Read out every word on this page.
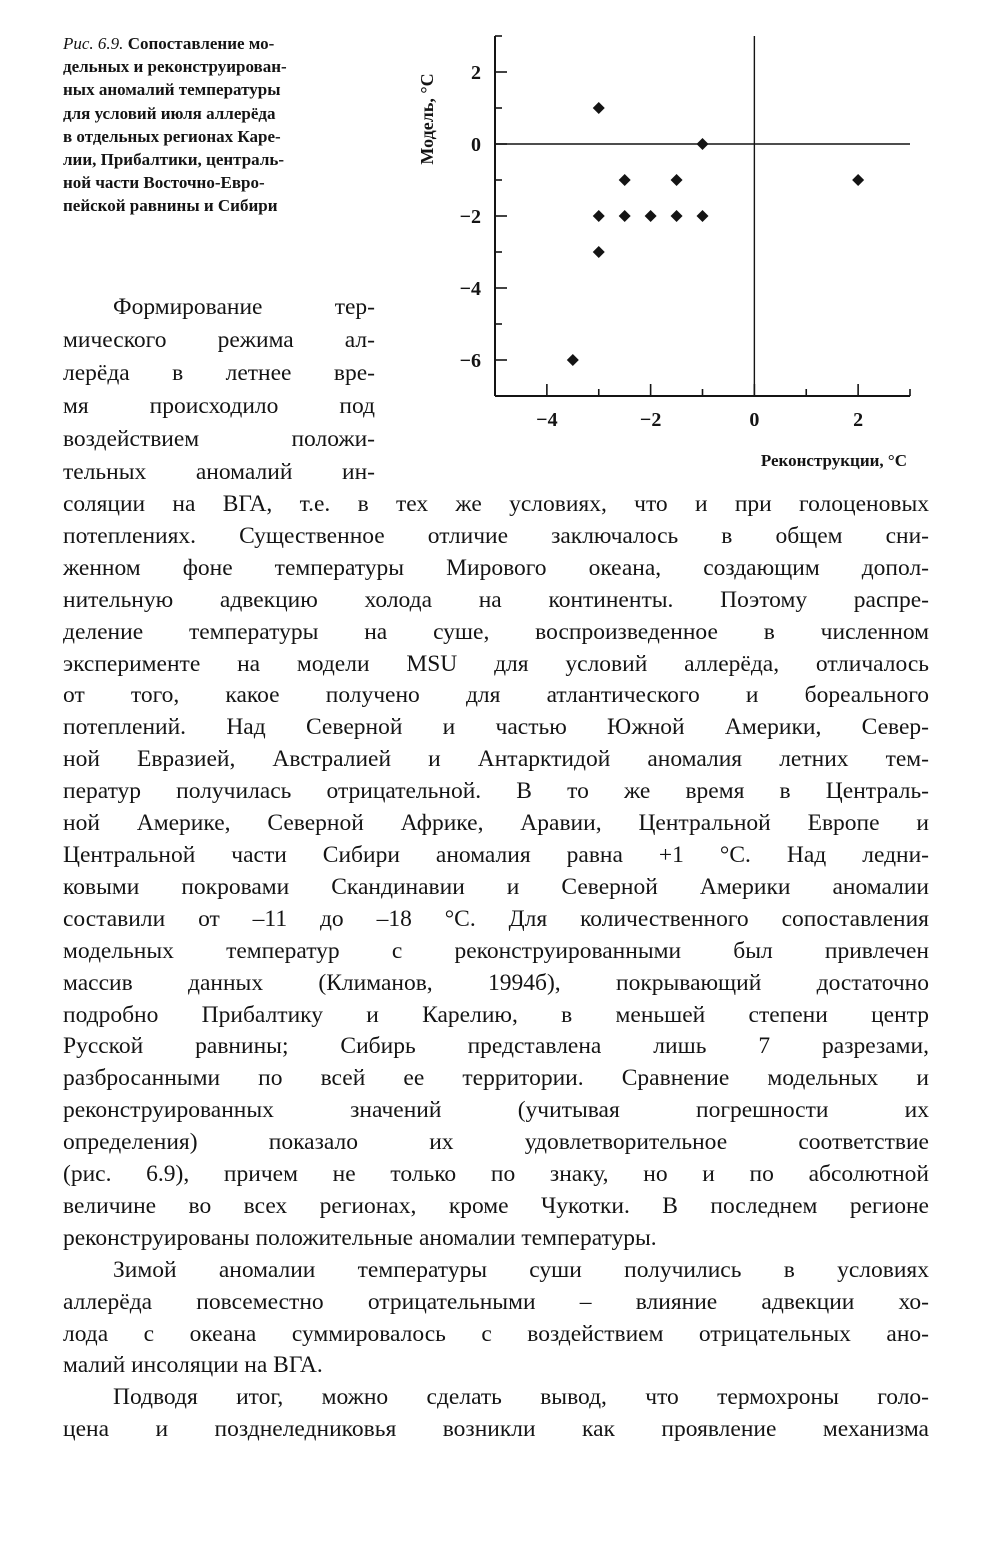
Рис. 6.9. Сопоставление мо-
дельных и реконструирован-
ных аномалий температуры
для условий июля аллерёда
в отдельных регионах Каре-
лии, Прибалтики, централь-
ной части Восточно-Евро-
пейской равнины и Сибири
Формирование тер-
мического режима ал-
лерёда в летнее вре-
мя происходило под
воздействием положи-
тельных аномалий ин-
2
0
−2
−4
−6
−4	−2	0	2
Реконструкции, °С
Модель, °С
соляции на ВГА, т.е. в тех же условиях, что и при голоценовых
потеплениях. Существенное отличие заключалось в общем сни-
женном фоне температуры Мирового океана, создающим допол-
нительную адвекцию холода на континенты. Поэтому распре-
деление температуры на суше, воспроизведенное в численном
эксперименте на модели MSU для условий аллерёда, отличалось
от того, какое получено для атлантического и бореального
потеплений. Над Северной и частью Южной Америки, Север-
ной Евразией, Австралией и Антарктидой аномалия летних тем-
ператур получилась отрицательной. В то же время в Централь-
ной Америке, Северной Африке, Аравии, Центральной Европе и
Центральной части Сибири аномалия равна +1 °С. Над ледни-
ковыми покровами Скандинавии и Северной Америки аномалии
составили от –11 до –18 °С. Для количественного сопоставления
модельных температур с реконструированными был привлечен
массив данных (Климанов, 1994б), покрывающий достаточно
подробно Прибалтику и Карелию, в меньшей степени центр
Русской равнины; Сибирь представлена лишь 7 разрезами,
разбросанными по всей ее территории. Сравнение модельных и
реконструированных значений (учитывая погрешности их
определения) показало их удовлетворительное соответствие
(рис. 6.9), причем не только по знаку, но и по абсолютной
величине во всех регионах, кроме Чукотки. В последнем регионе
реконструированы положительные аномалии температуры.
Зимой аномалии температуры суши получились в условиях
аллерёда повсеместно отрицательными – влияние адвекции хо-
лода с океана суммировалось с воздействием отрицательных ано-
малий инсоляции на ВГА.
Подводя итог, можно сделать вывод, что термохроны голо-
цена и позднеледниковья возникли как проявление механизма
